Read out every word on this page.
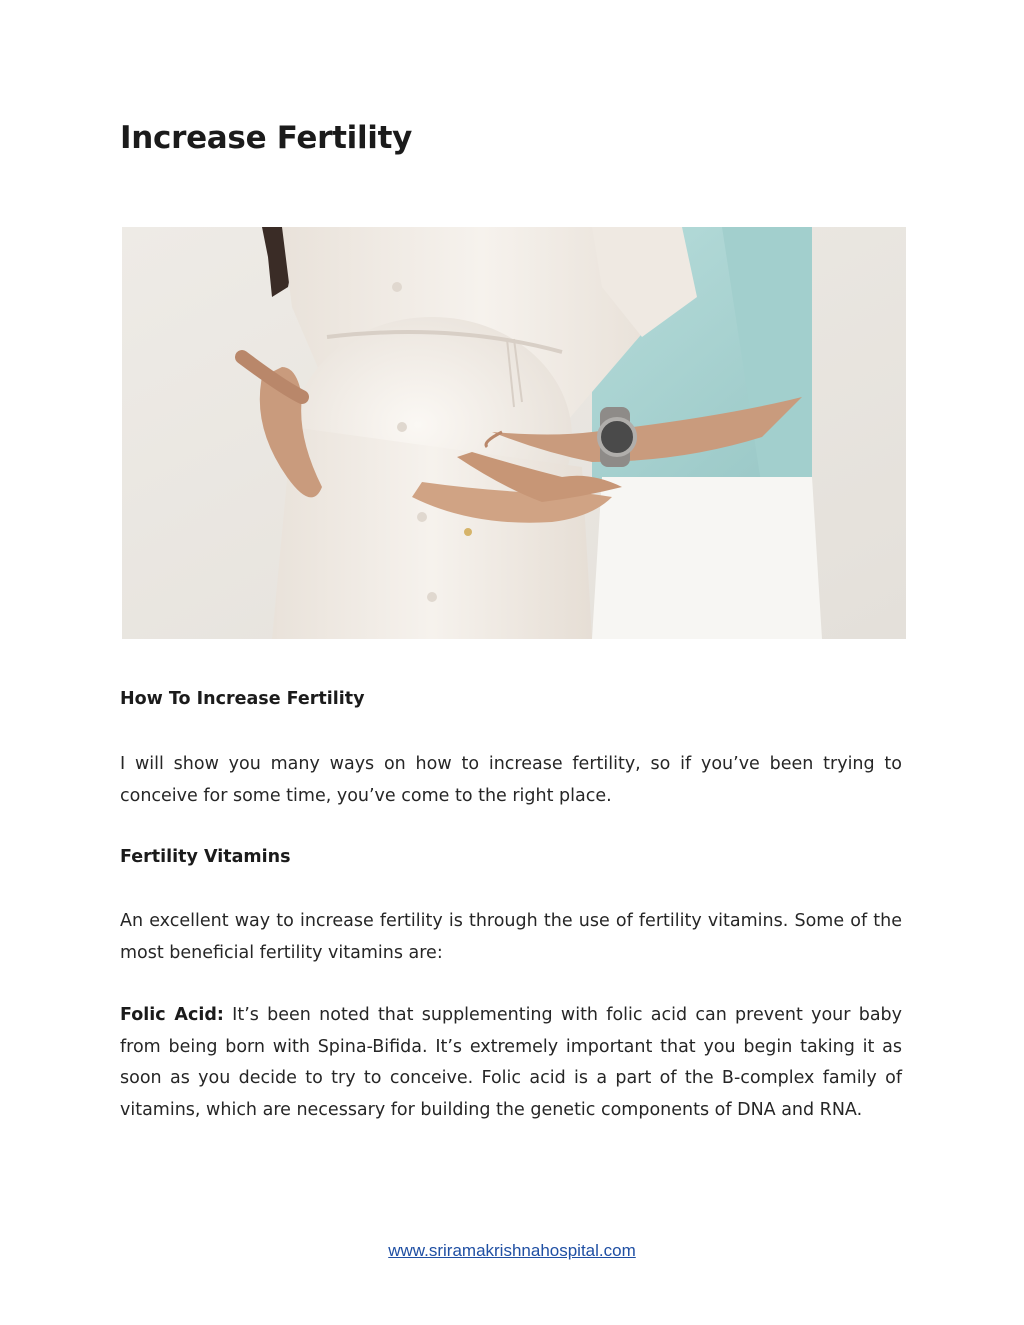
Increase Fertility
How To Increase Fertility

I will show you many ways on how to increase fertility, so if you’ve been trying to conceive for some time, you’ve come to the right place.

Fertility Vitamins

An excellent way to increase fertility is through the use of fertility vitamins. Some of the most beneficial fertility vitamins are:

Folic Acid: It’s been noted that supplementing with folic acid can prevent your baby from being born with Spina-Bifida. It’s extremely important that you begin taking it as soon as you decide to try to conceive. Folic acid is a part of the B-complex family of vitamins, which are necessary for building the genetic components of DNA and RNA.

www.sriramakrishnahospital.com
